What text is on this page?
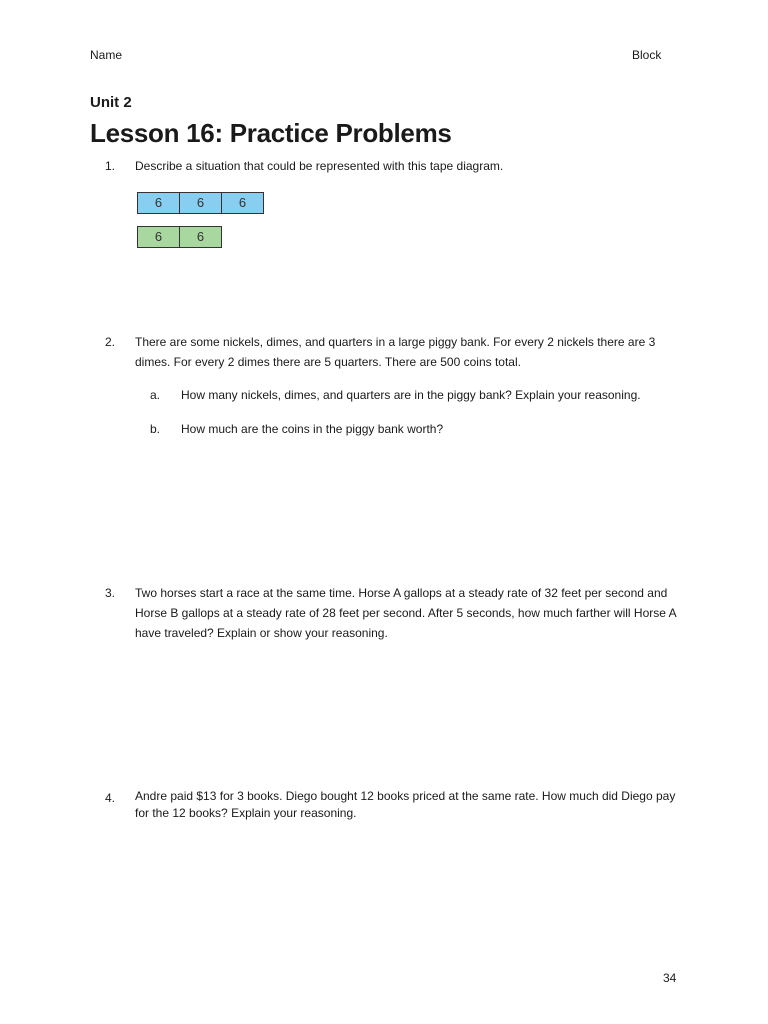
Name	Block
Unit 2
Lesson 16: Practice Problems
1. Describe a situation that could be represented with this tape diagram.
6	6	6
6	6
2. There are some nickels, dimes, and quarters in a large piggy bank. For every 2 nickels there are 3 dimes. For every 2 dimes there are 5 quarters. There are 500 coins total.
a. How many nickels, dimes, and quarters are in the piggy bank? Explain your reasoning.
b. How much are the coins in the piggy bank worth?
3. Two horses start a race at the same time. Horse A gallops at a steady rate of 32 feet per second and Horse B gallops at a steady rate of 28 feet per second. After 5 seconds, how much farther will Horse A have traveled? Explain or show your reasoning.
4. Andre paid $13 for 3 books. Diego bought 12 books priced at the same rate. How much did Diego pay for the 12 books? Explain your reasoning.
34
